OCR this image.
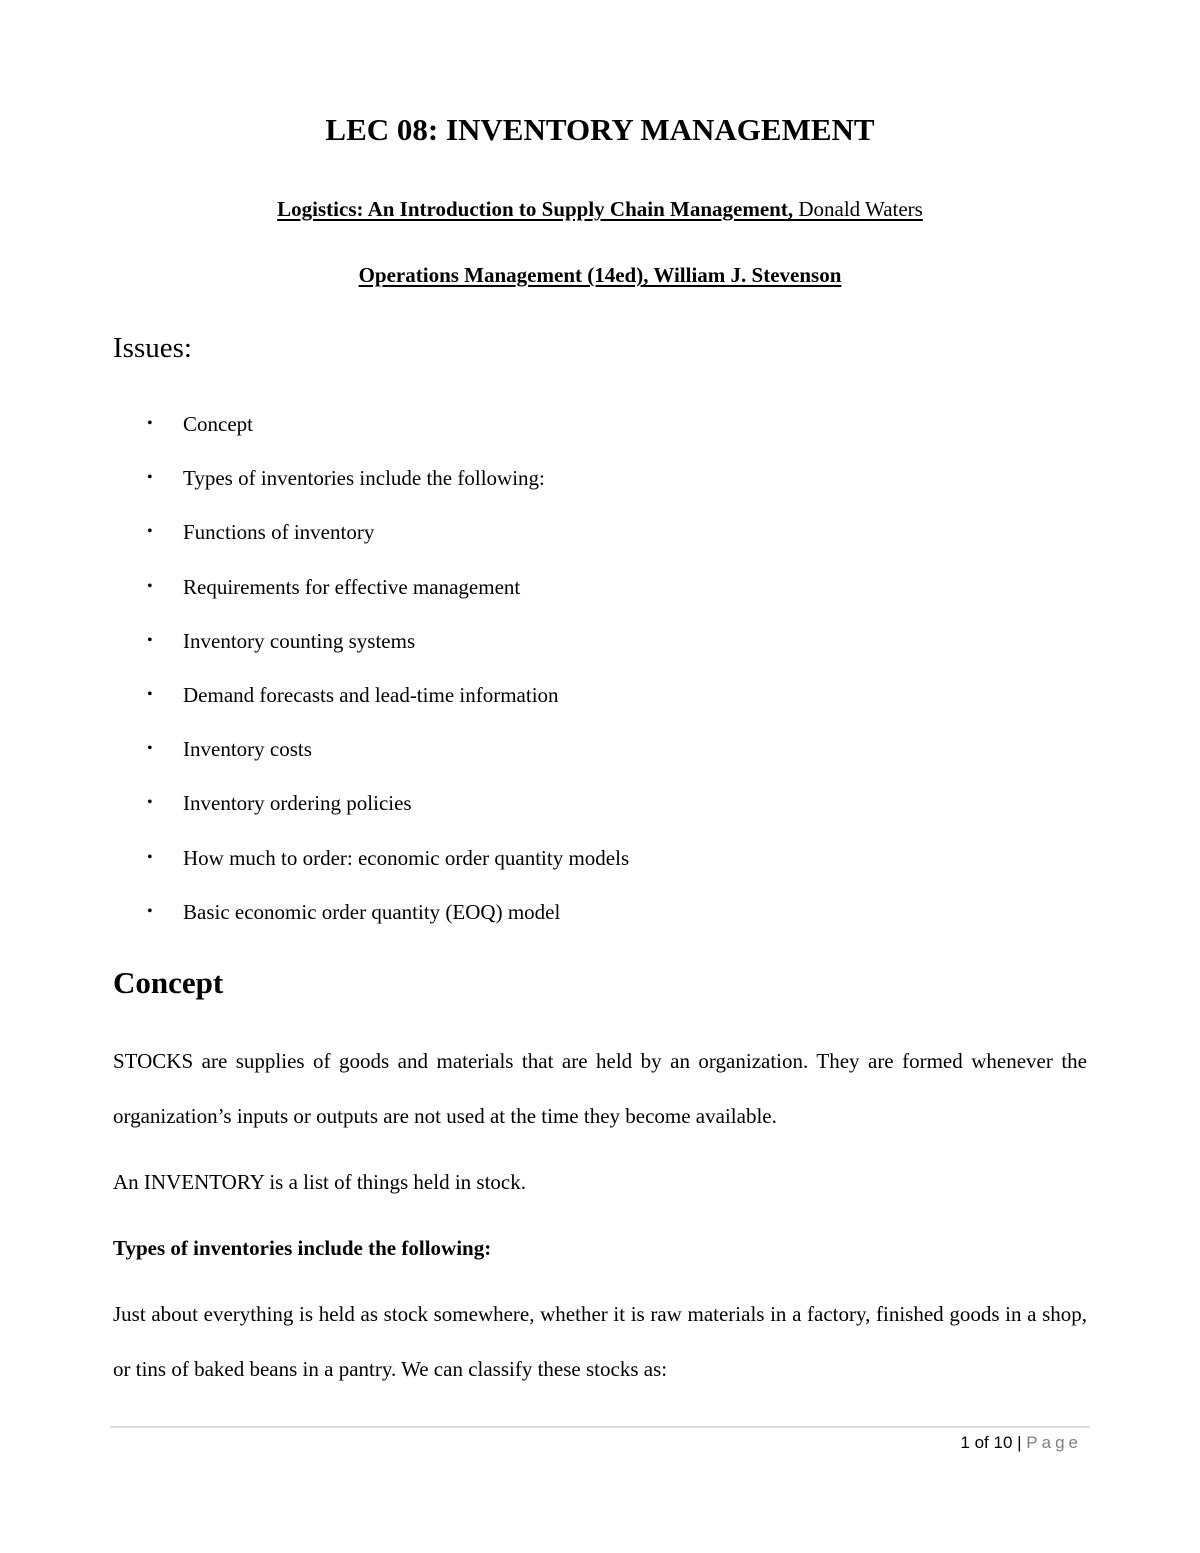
LEC 08: INVENTORY MANAGEMENT

Logistics: An Introduction to Supply Chain Management, Donald Waters

Operations Management (14ed), William J. Stevenson

Issues:
• Concept
• Types of inventories include the following:
• Functions of inventory
• Requirements for effective management
• Inventory counting systems
• Demand forecasts and lead-time information
• Inventory costs
• Inventory ordering policies
• How much to order: economic order quantity models
• Basic economic order quantity (EOQ) model
Concept

STOCKS are supplies of goods and materials that are held by an organization. They are formed whenever the organization’s inputs or outputs are not used at the time they become available.

An INVENTORY is a list of things held in stock.

Types of inventories include the following:

Just about everything is held as stock somewhere, whether it is raw materials in a factory, finished goods in a shop, or tins of baked beans in a pantry. We can classify these stocks as:

1 of 10 | Page
